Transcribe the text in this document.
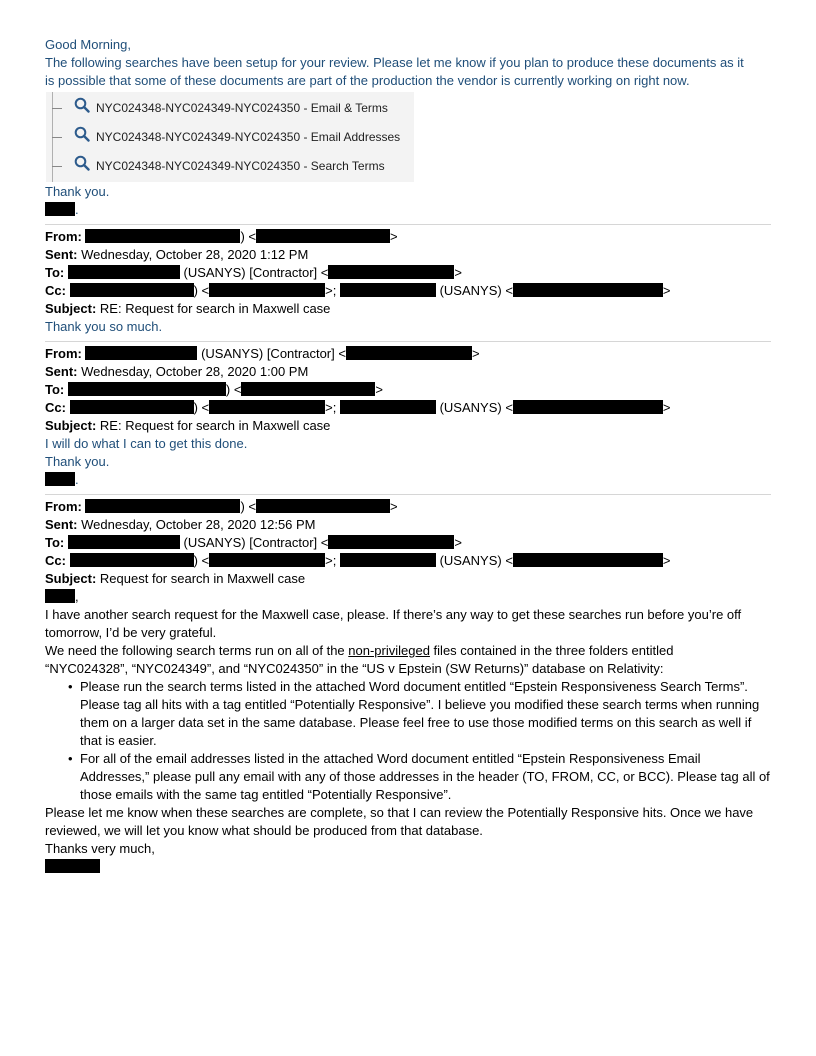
Good Morning,
The following searches have been setup for your review. Please let me know if you plan to produce these documents as it
is possible that some of these documents are part of the production the vendor is currently working on right now.
NYC024348-NYC024349-NYC024350 - Email & Terms
NYC024348-NYC024349-NYC024350 - Email Addresses
NYC024348-NYC024349-NYC024350 - Search Terms
Thank you.
.
From:	) <	>
Sent: Wednesday, October 28, 2020 1:12 PM
To:	(USANYS) [Contractor] <	>
Cc:	) <	>;	(USANYS) <	>
Subject: RE: Request for search in Maxwell case
Thank you so much.
From:	(USANYS) [Contractor] <	>
Sent: Wednesday, October 28, 2020 1:00 PM
To:	) <	>
Cc:	) <	>;	(USANYS) <	>
Subject: RE: Request for search in Maxwell case
I will do what I can to get this done.
Thank you.
.
From:	) <	>
Sent: Wednesday, October 28, 2020 12:56 PM
To:	(USANYS) [Contractor] <	>
Cc:	) <	>;	(USANYS) <	>
Subject: Request for search in Maxwell case
,
I have another search request for the Maxwell case, please. If there’s any way to get these searches run before you’re off
tomorrow, I’d be very grateful.
We need the following search terms run on all of the non-privileged files contained in the three folders entitled
“NYC024328”, “NYC024349”, and “NYC024350” in the “US v Epstein (SW Returns)” database on Relativity:
• Please run the search terms listed in the attached Word document entitled “Epstein Responsiveness Search Terms”. Please tag all hits with a tag entitled “Potentially Responsive”. I believe you modified these search terms when running them on a larger data set in the same database. Please feel free to use those modified terms on this search as well if that is easier.
• For all of the email addresses listed in the attached Word document entitled “Epstein Responsiveness Email Addresses,” please pull any email with any of those addresses in the header (TO, FROM, CC, or BCC). Please tag all of those emails with the same tag entitled “Potentially Responsive”.
Please let me know when these searches are complete, so that I can review the Potentially Responsive hits. Once we have
reviewed, we will let you know what should be produced from that database.
Thanks very much,
